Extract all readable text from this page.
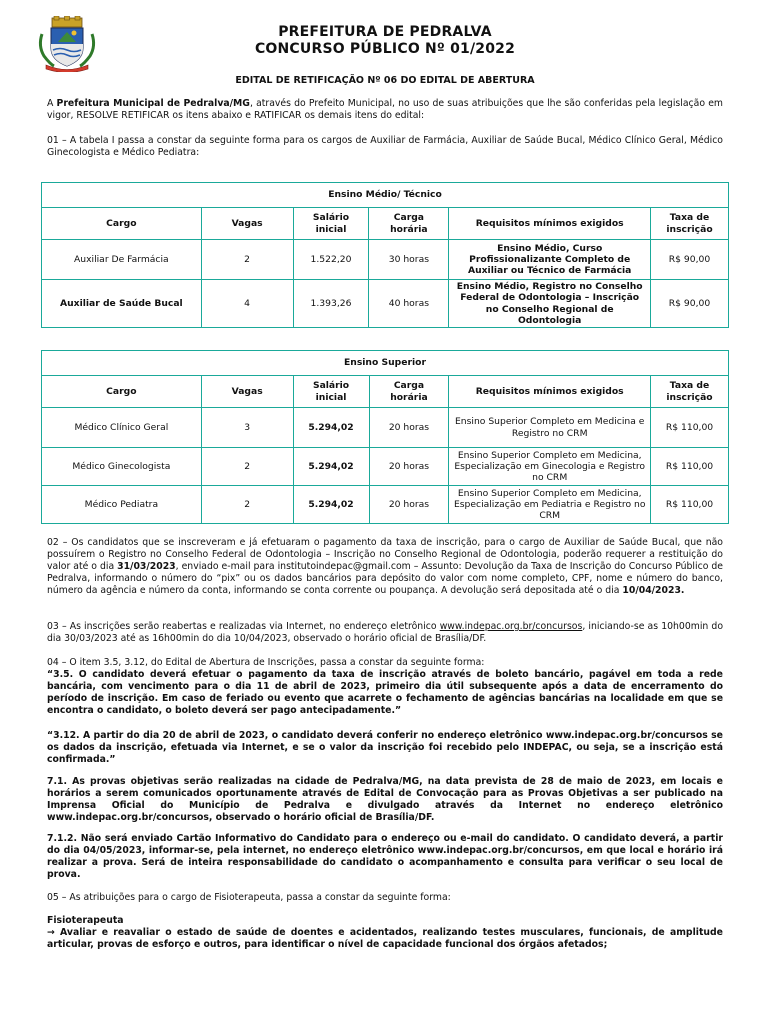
PREFEITURA DE PEDRALVA
CONCURSO PÚBLICO Nº 01/2022
EDITAL DE RETIFICAÇÃO Nº 06 DO EDITAL DE ABERTURA

A Prefeitura Municipal de Pedralva/MG, através do Prefeito Municipal, no uso de suas atribuições que lhe são conferidas pela legislação em vigor, RESOLVE RETIFICAR os itens abaixo e RATIFICAR os demais itens do edital:

01 – A tabela I passa a constar da seguinte forma para os cargos de Auxiliar de Farmácia, Auxiliar de Saúde Bucal, Médico Clínico Geral, Médico Ginecologista e Médico Pediatra:

Ensino Médio/ Técnico					
Cargo	Vagas	Salário inicial	Carga horária	Requisitos mínimos exigidos	Taxa de inscrição
Auxiliar De Farmácia	2	1.522,20	30 horas	Ensino Médio, Curso Profissionalizante Completo de Auxiliar ou Técnico de Farmácia	R$ 90,00
Auxiliar de Saúde Bucal	4	1.393,26	40 horas	Ensino Médio, Registro no Conselho Federal de Odontologia – Inscrição no Conselho Regional de Odontologia	R$ 90,00
Ensino Superior					
Cargo	Vagas	Salário inicial	Carga horária	Requisitos mínimos exigidos	Taxa de inscrição
Médico Clínico Geral	3	5.294,02	20 horas	Ensino Superior Completo em Medicina e Registro no CRM	R$ 110,00
Médico Ginecologista	2	5.294,02	20 horas	Ensino Superior Completo em Medicina, Especialização em Ginecologia e Registro no CRM	R$ 110,00
Médico Pediatra	2	5.294,02	20 horas	Ensino Superior Completo em Medicina, Especialização em Pediatria e Registro no CRM	R$ 110,00

02 – Os candidatos que se inscreveram e já efetuaram o pagamento da taxa de inscrição, para o cargo de Auxiliar de Saúde Bucal, que não possuírem o Registro no Conselho Federal de Odontologia – Inscrição no Conselho Regional de Odontologia, poderão requerer a restituição do valor até o dia 31/03/2023, enviado e-mail para institutoindepac@gmail.com – Assunto: Devolução da Taxa de Inscrição do Concurso Público de Pedralva, informando o número do “pix” ou os dados bancários para depósito do valor com nome completo, CPF, nome e número do banco, número da agência e número da conta, informando se conta corrente ou poupança. A devolução será depositada até o dia 10/04/2023.

03 – As inscrições serão reabertas e realizadas via Internet, no endereço eletrônico www.indepac.org.br/concursos, iniciando-se as 10h00min do dia 30/03/2023 até as 16h00min do dia 10/04/2023, observado o horário oficial de Brasília/DF.

04 – O item 3.5, 3.12, do Edital de Abertura de Inscrições, passa a constar da seguinte forma:

“3.5. O candidato deverá efetuar o pagamento da taxa de inscrição através de boleto bancário, pagável em toda a rede bancária, com vencimento para o dia 11 de abril de 2023, primeiro dia útil subsequente após a data de encerramento do período de inscrição. Em caso de feriado ou evento que acarrete o fechamento de agências bancárias na localidade em que se encontra o candidato, o boleto deverá ser pago antecipadamente.”

“3.12. A partir do dia 20 de abril de 2023, o candidato deverá conferir no endereço eletrônico www.indepac.org.br/concursos se os dados da inscrição, efetuada via Internet, e se o valor da inscrição foi recebido pelo INDEPAC, ou seja, se a inscrição está confirmada.”

7.1. As provas objetivas serão realizadas na cidade de Pedralva/MG, na data prevista de 28 de maio de 2023, em locais e horários a serem comunicados oportunamente através de Edital de Convocação para as Provas Objetivas a ser publicado na Imprensa Oficial do Município de Pedralva e divulgado através da Internet no endereço eletrônico www.indepac.org.br/concursos, observado o horário oficial de Brasília/DF.

7.1.2. Não será enviado Cartão Informativo do Candidato para o endereço ou e-mail do candidato. O candidato deverá, a partir do dia 04/05/2023, informar-se, pela internet, no endereço eletrônico www.indepac.org.br/concursos, em que local e horário irá realizar a prova. Será de inteira responsabilidade do candidato o acompanhamento e consulta para verificar o seu local de prova.

05 – As atribuições para o cargo de Fisioterapeuta, passa a constar da seguinte forma:

Fisioterapeuta

→ Avaliar e reavaliar o estado de saúde de doentes e acidentados, realizando testes musculares, funcionais, de amplitude articular, provas de esforço e outros, para identificar o nível de capacidade funcional dos órgãos afetados;
